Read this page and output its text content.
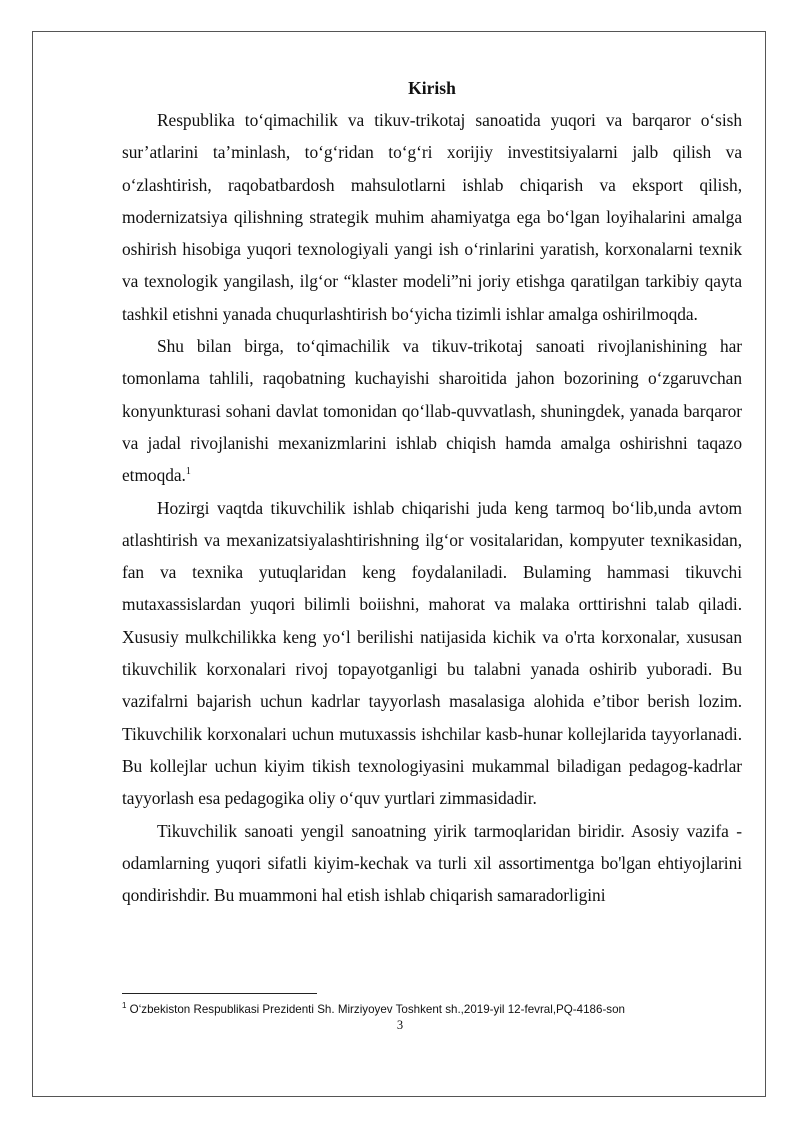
Kirish

Respublika to‘qimachilik va tikuv-trikotaj sanoatida yuqori va barqaror o‘sish sur’atlarini ta’minlash, to‘g‘ridan to‘g‘ri xorijiy investitsiyalarni jalb qilish va o‘zlashtirish, raqobatbardosh mahsulotlarni ishlab chiqarish va eksport qilish, modernizatsiya qilishning strategik muhim ahamiyatga ega bo‘lgan loyihalarini amalga oshirish hisobiga yuqori texnologiyali yangi ish o‘rinlarini yaratish, korxonalarni texnik va texnologik yangilash, ilg‘or “klaster modeli”ni joriy etishga qaratilgan tarkibiy qayta tashkil etishni yanada chuqurlashtirish bo‘yicha tizimli ishlar amalga oshirilmoqda.

Shu bilan birga, to‘qimachilik va tikuv-trikotaj sanoati rivojlanishining har tomonlama tahlili, raqobatning kuchayishi sharoitida jahon bozorining o‘zgaruvchan konyunkturasi sohani davlat tomonidan qo‘llab-quvvatlash, shuningdek, yanada barqaror va jadal rivojlanishi mexanizmlarini ishlab chiqish hamda amalga oshirishni taqazo etmoqda.$^1$

Hozirgi vaqtda tikuvchilik ishlab chiqarishi juda keng tarmoq bo‘lib,unda avtom atlashtirish va mexanizatsiyalashtirishning ilg‘or vositalaridan, kompyuter texnikasidan, fan va texnika yutuqlaridan keng foydalaniladi. Bulaming hammasi tikuvchi mutaxassislardan yuqori bilimli boiishni, mahorat va malaka orttirishni talab qiladi. Xususiy mulkchilikka keng yo‘l berilishi natijasida kichik va o'rta korxonalar, xususan tikuvchilik korxonalari rivoj topayotganligi bu talabni yanada oshirib yuboradi. Bu vazifalrni bajarish uchun kadrlar tayyorlash masalasiga alohida e’tibor berish lozim. Tikuvchilik korxonalari uchun mutuxassis ishchilar kasb-hunar kollejlarida tayyorlanadi. Bu kollejlar uchun kiyim tikish texnologiyasini mukammal biladigan pedagog-kadrlar tayyorlash esa pedagogika oliy o‘quv yurtlari zimmasidadir.

Tikuvchilik sanoati yengil sanoatning yirik tarmoqlaridan biridir. Asosiy vazifa - odamlarning yuqori sifatli kiyim-kechak va turli xil assortimentga bo'lgan ehtiyojlarini qondirishdir. Bu muammoni hal etish ishlab chiqarish samaradorligini

$^1$ O‘zbekiston Respublikasi Prezidenti Sh. Mirziyoyev Toshkent sh.,2019-yil 12-fevral,PQ-4186-son
3
